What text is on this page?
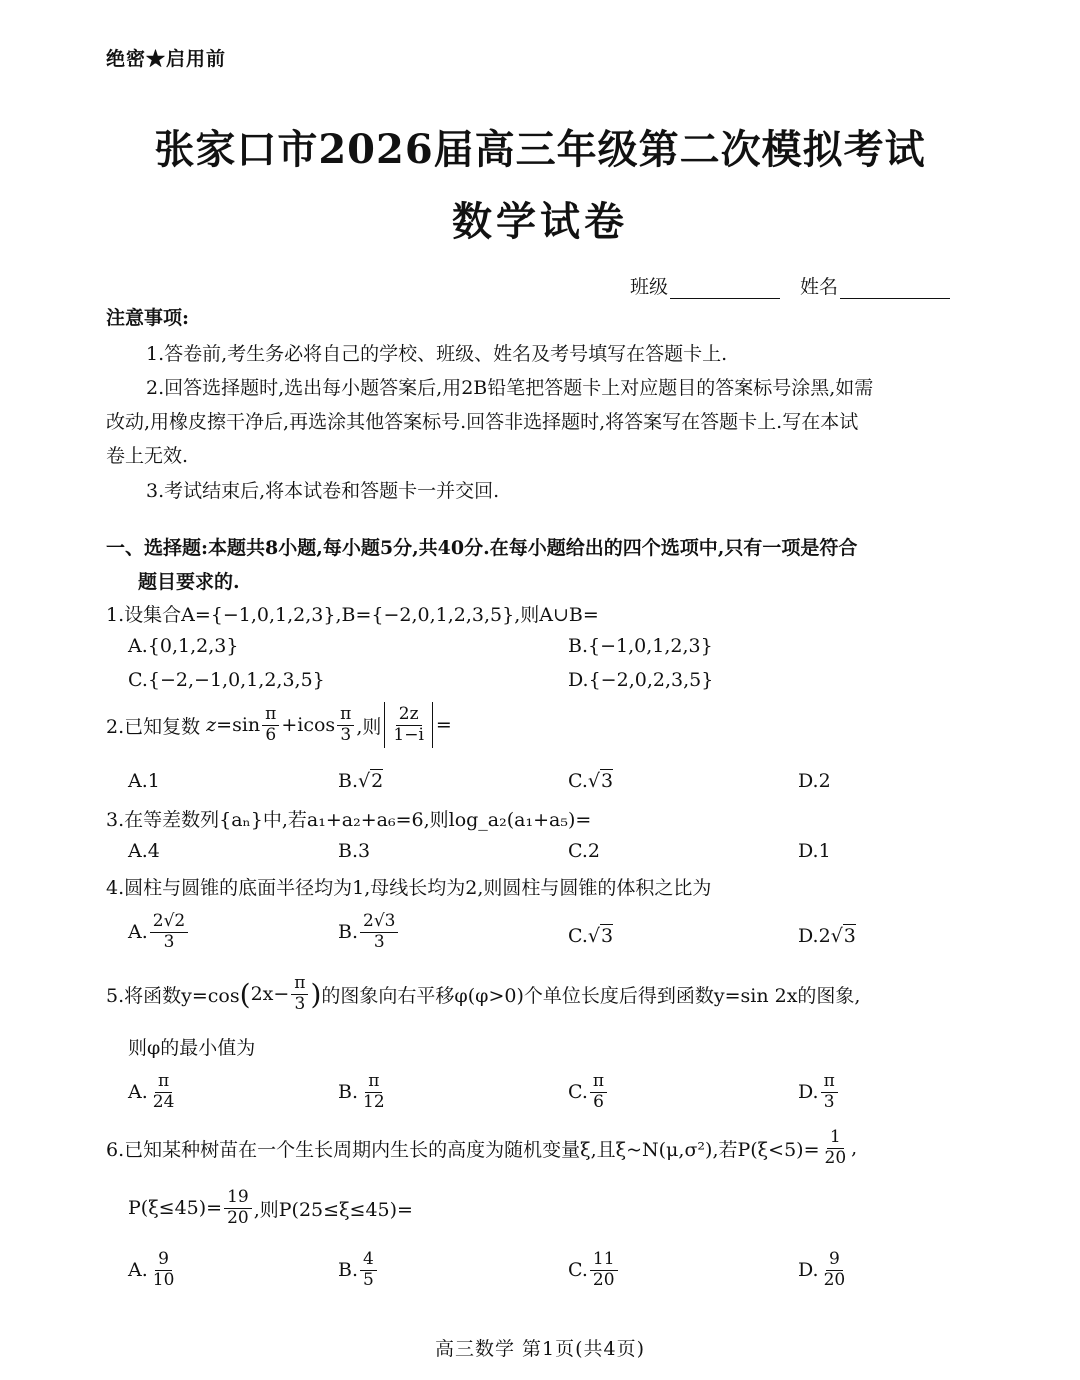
绝密★启用前
张家口市2026届高三年级第二次模拟考试
数学试卷
班级	姓名
注意事项:
1.答卷前,考生务必将自己的学校、班级、姓名及考号填写在答题卡上.
2.回答选择题时,选出每小题答案后,用2B铅笔把答题卡上对应题目的答案标号涂黑,如需
改动,用橡皮擦干净后,再选涂其他答案标号.回答非选择题时,将答案写在答题卡上.写在本试
卷上无效.
3.考试结束后,将本试卷和答题卡一并交回.
一、选择题:本题共8小题,每小题5分,共40分.在每小题给出的四个选项中,只有一项是符合
题目要求的.
1.设集合A={−1,0,1,2,3},B={−2,0,1,2,3,5},则A∪B=
A.{0,1,2,3}	B.{−1,0,1,2,3}
C.{−2,−1,0,1,2,3,5}	D.{−2,0,2,3,5}
2.已知复数 $z =\sin \frac{\pi}{6} +icos \frac{\pi}{3}$ ,则 $\frac{2z}{1-i}$ =
A.1	B.√2	C.√3	D.2
3.在等差数列{aₙ}中,若a₁+a₂+a₆=6,则log_a₂(a₁+a₅)=
A.4	B.3	C.2	D.1
4.圆柱与圆锥的底面半径均为1,母线长均为2,则圆柱与圆锥的体积之比为
A. $\frac{2√2}{3}$	B. $\frac{2√3}{3}$	C.√3	D.2√3
5.将函数y=cos ( $2x- \frac{\pi}{3}$ ) 的图象向右平移φ(φ>0)个单位长度后得到函数y=sin 2x的图象,
则φ的最小值为
A. $\frac{\pi}{24}$	B. $\frac{\pi}{12}$	C. $\frac{\pi}{6}$	D. $\frac{\pi}{3}$
6.已知某种树苗在一个生长周期内生长的高度为随机变量ξ,且ξ~N(μ,σ²),若$P(\xi<5)= \frac{1}{20}$ ,
$P(\xi\le 45)= \frac{19}{20}$ ,则P(25≤ξ≤45)=
A. $\frac{9}{10}$	B. $\frac{4}{5}$	C. $\frac{11}{20}$	D. $\frac{9}{20}$
高三数学 第1页(共4页)
